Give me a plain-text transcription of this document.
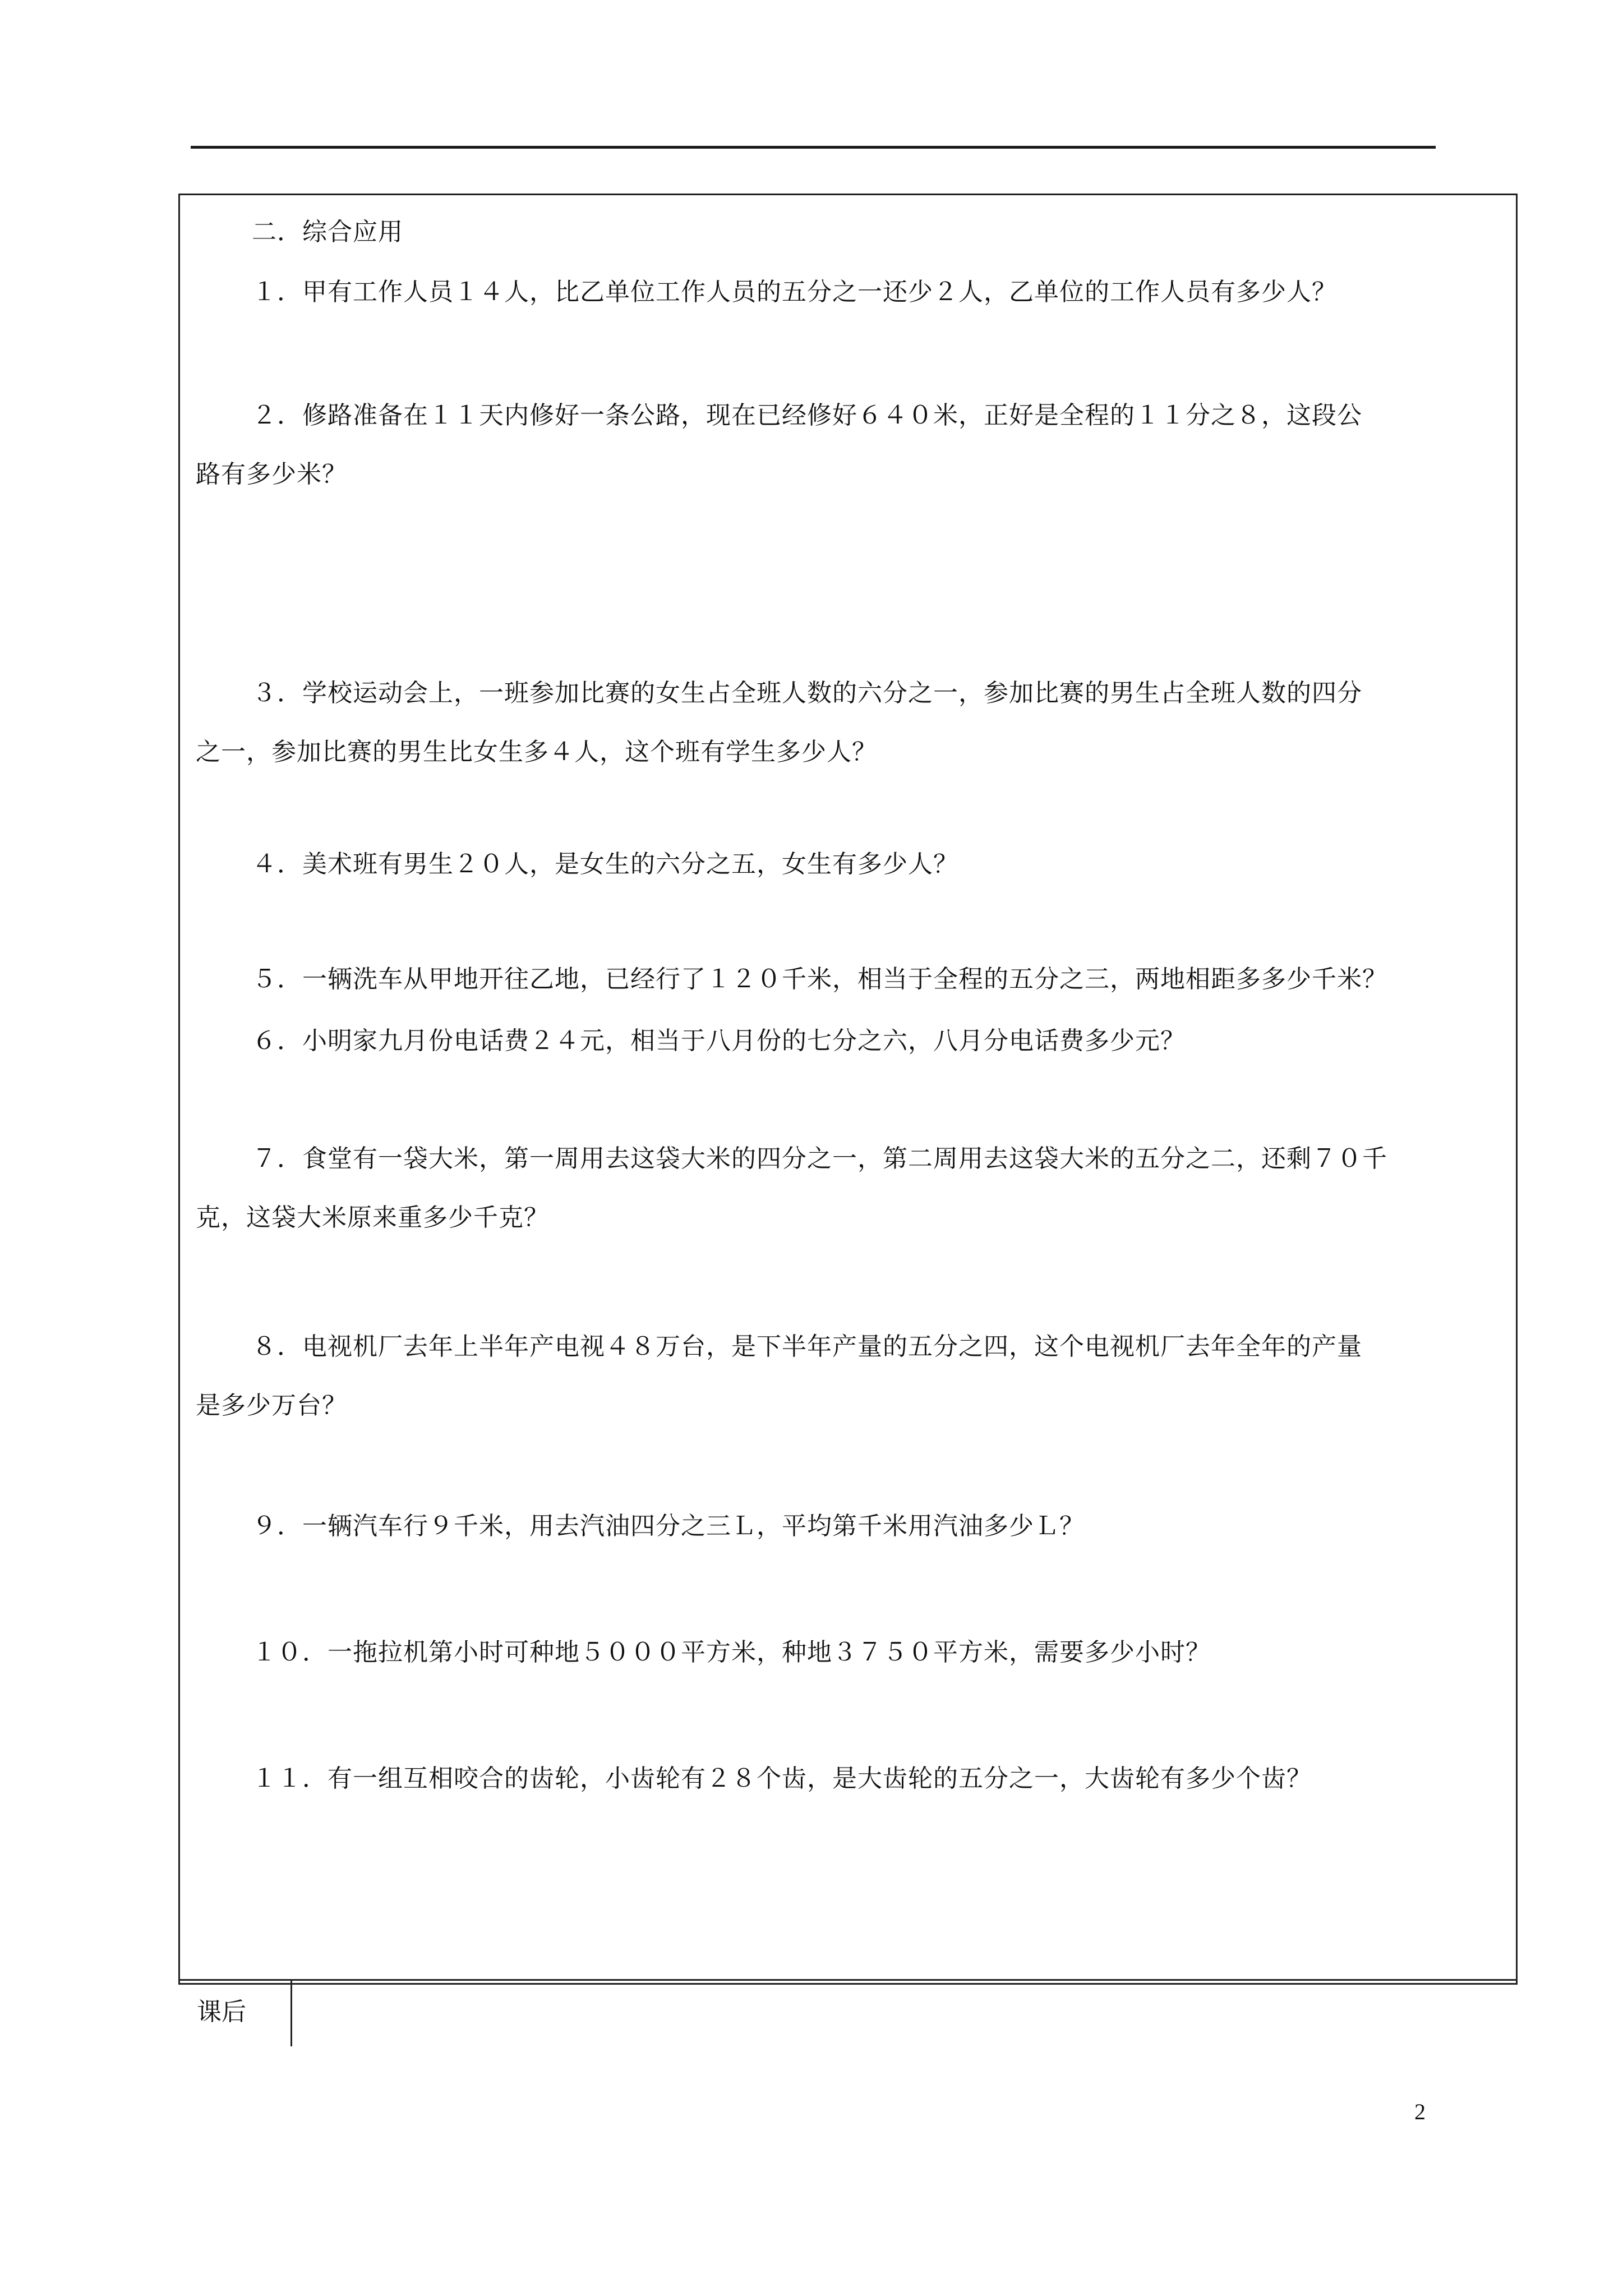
二．综合应用
１．甲有工作人员１４人，比乙单位工作人员的五分之一还少２人，乙单位的工作人员有多少人？
２．修路准备在１１天内修好一条公路，现在已经修好６４０米，正好是全程的１１分之８，这段公
路有多少米？
３．学校运动会上，一班参加比赛的女生占全班人数的六分之一，参加比赛的男生占全班人数的四分
之一，参加比赛的男生比女生多４人，这个班有学生多少人？
４．美术班有男生２０人，是女生的六分之五，女生有多少人？
５．一辆洗车从甲地开往乙地，已经行了１２０千米，相当于全程的五分之三，两地相距多多少千米？
６．小明家九月份电话费２４元，相当于八月份的七分之六，八月分电话费多少元？
７．食堂有一袋大米，第一周用去这袋大米的四分之一，第二周用去这袋大米的五分之二，还剩７０千
克，这袋大米原来重多少千克？
８．电视机厂去年上半年产电视４８万台，是下半年产量的五分之四，这个电视机厂去年全年的产量
是多少万台？
９．一辆汽车行９千米，用去汽油四分之三Ｌ，平均第千米用汽油多少Ｌ？
１０．一拖拉机第小时可种地５０００平方米，种地３７５０平方米，需要多少小时？
１１．有一组互相咬合的齿轮，小齿轮有２８个齿，是大齿轮的五分之一，大齿轮有多少个齿？
课后
2
